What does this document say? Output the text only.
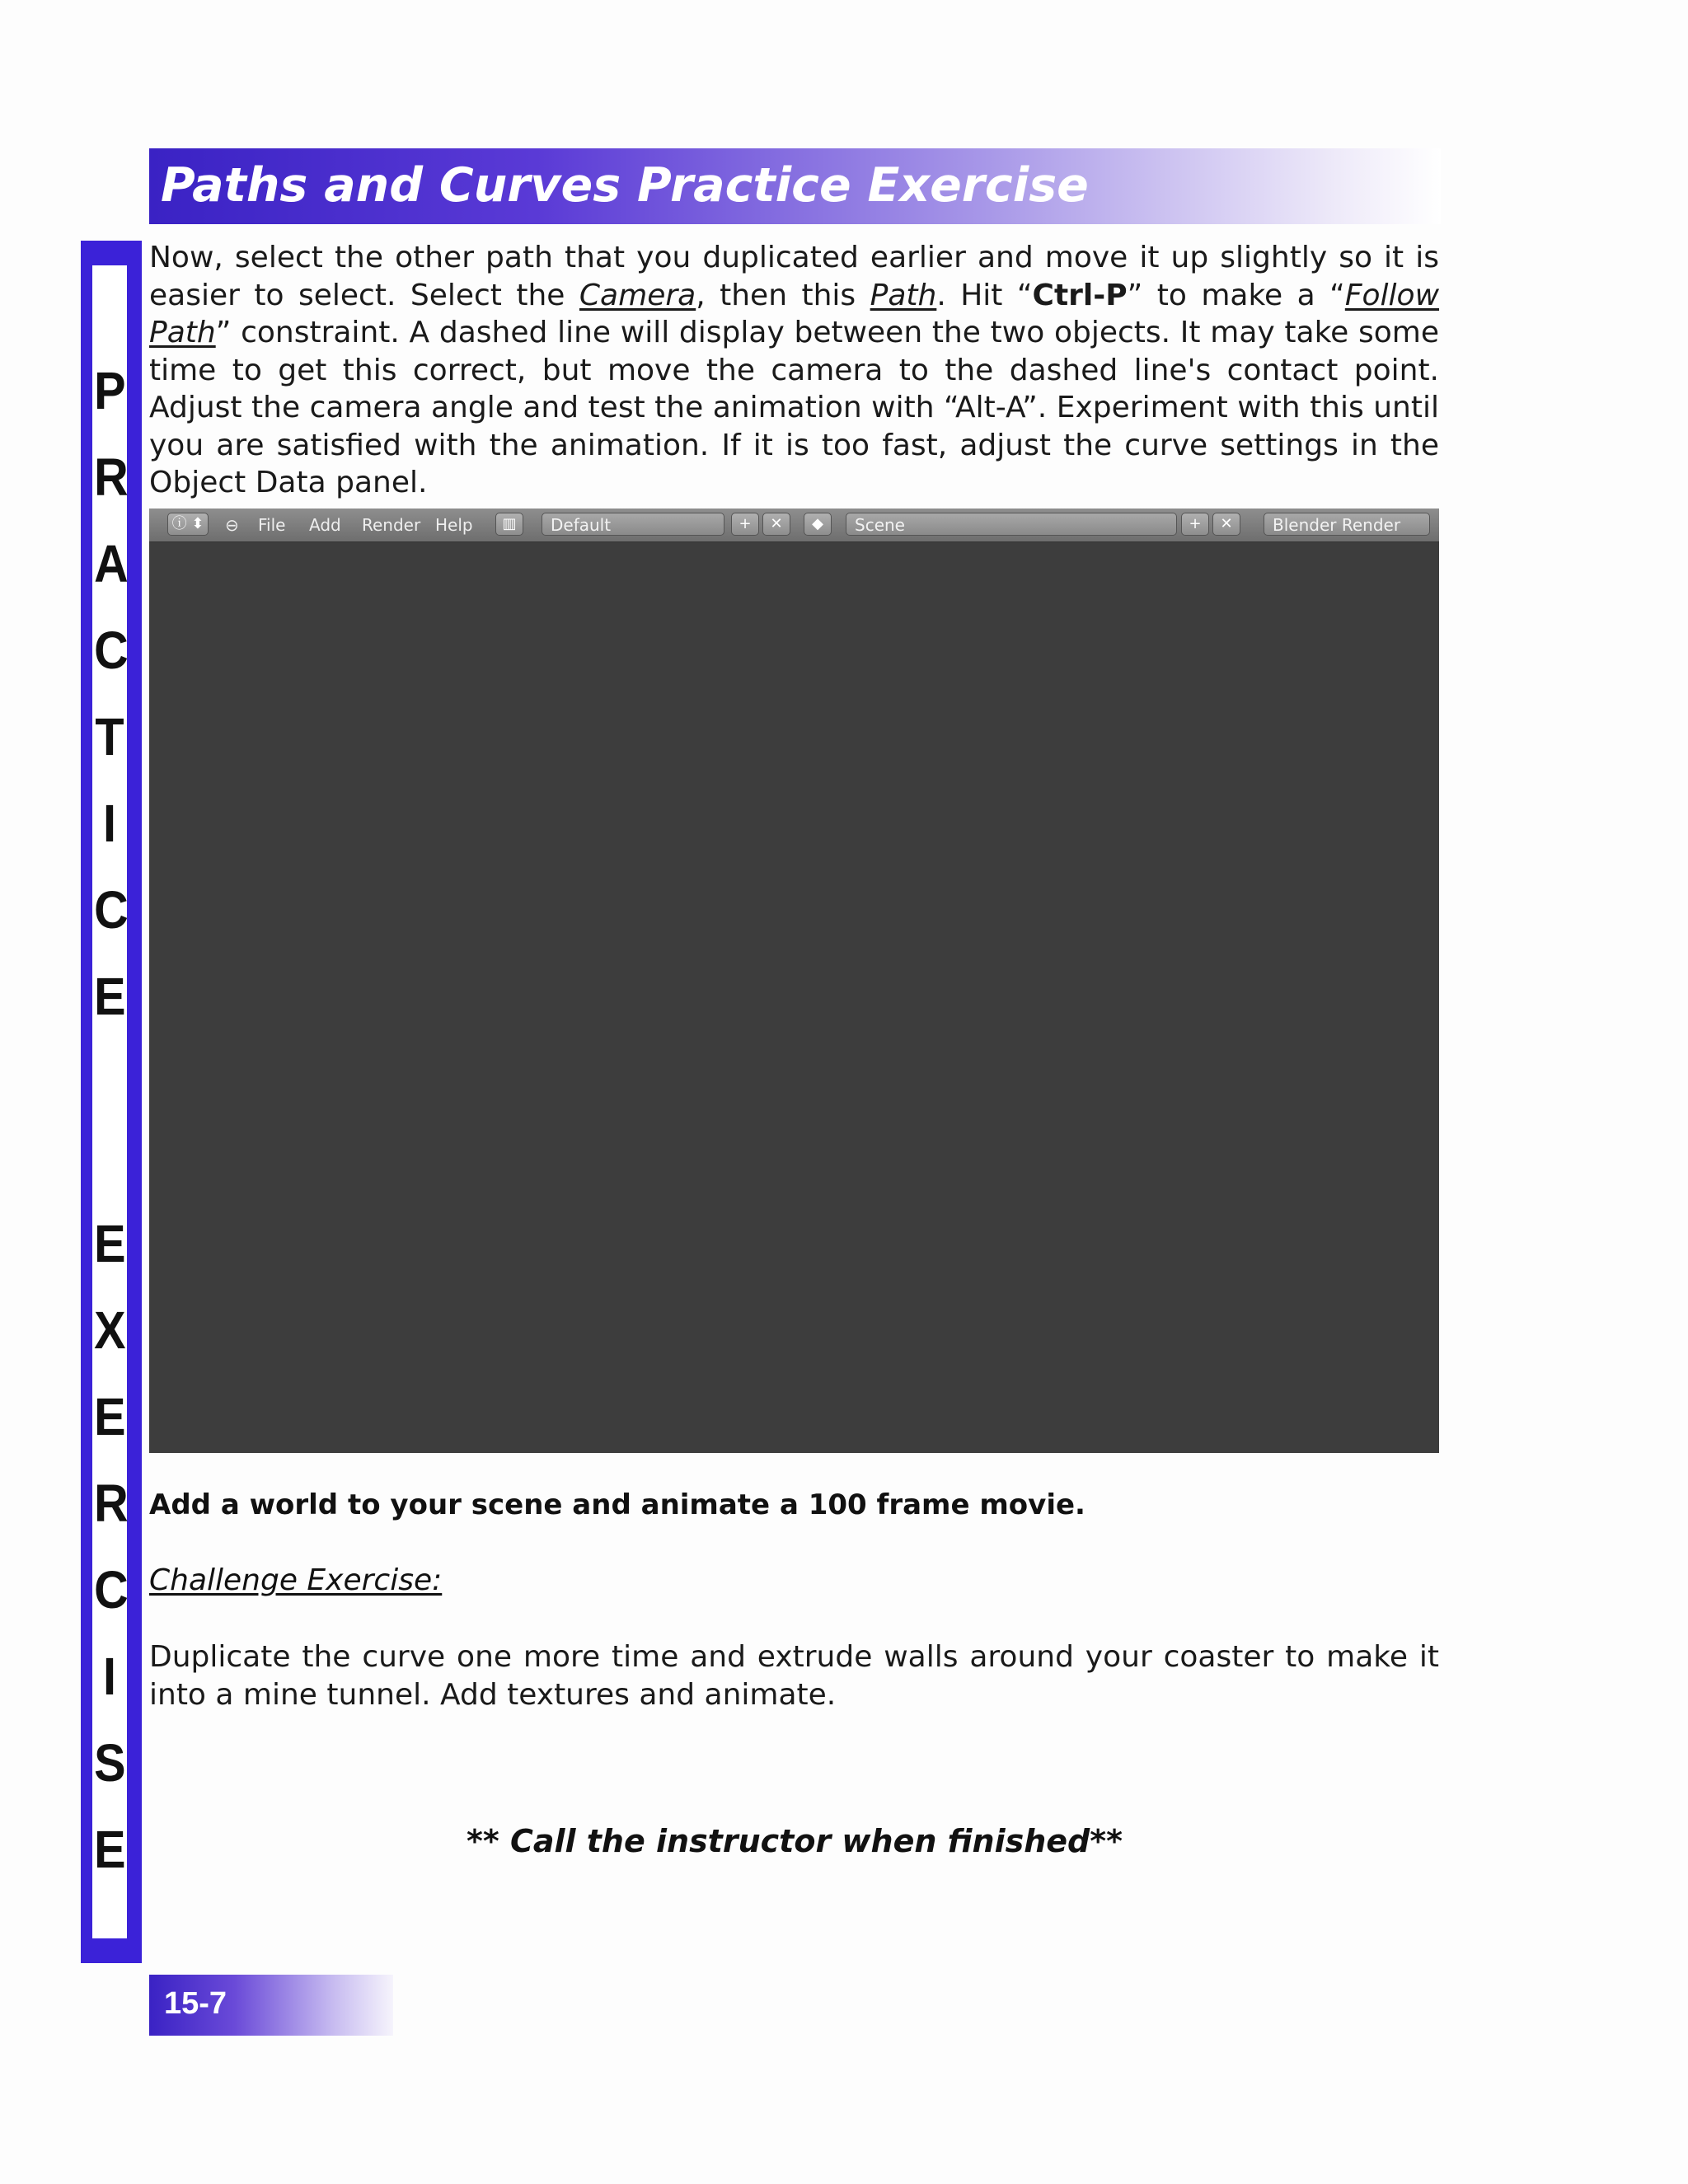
Paths and Curves Practice Exercise
P
R
A
C
T
I
C
E
E
X
E
R
C
I
S
E
Now, select the other path that you duplicated earlier and move it up slightly so it is easier to select. Select the Camera, then this Path. Hit “Ctrl-P” to make a “Follow Path” constraint. A dashed line will display between the two objects. It may take some time to get this correct, but move the camera to the dashed line's contact point. Adjust the camera angle and test the animation with “Alt-A”. Experiment with this until you are satisfied with the animation. If it is too fast, adjust the curve settings in the Object Data panel.
ⓘ ⬍ ⊖ File Add Render Help	▥	Default	+	✕	◆	Scene	+	✕	Blender Render
Add a world to your scene and animate a 100 frame movie.
Challenge Exercise:
Duplicate the curve one more time and extrude walls around your coaster to make it into a mine tunnel. Add textures and animate.
** Call the instructor when finished**
15-7
